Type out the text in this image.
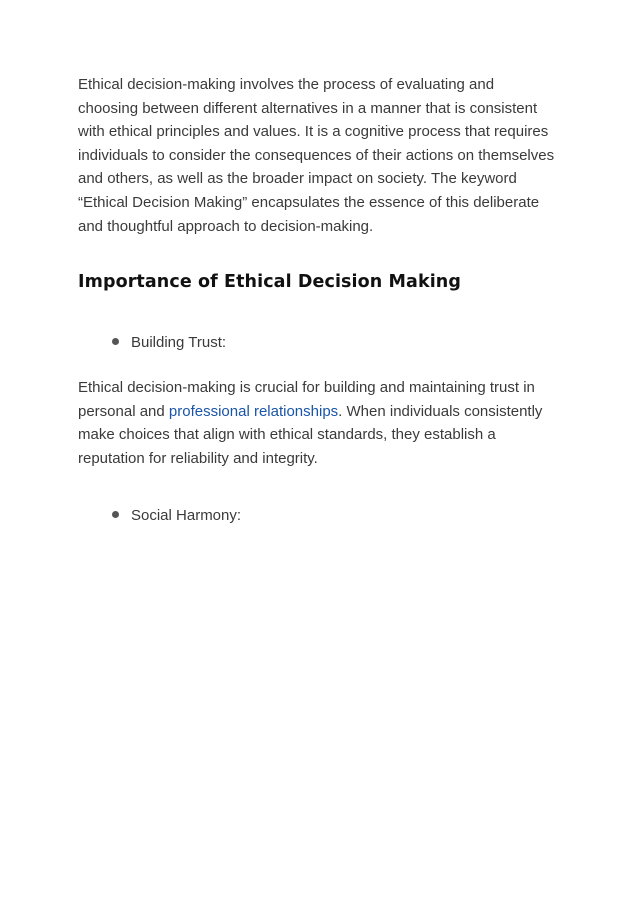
Ethical decision-making involves the process of evaluating and choosing between different alternatives in a manner that is consistent with ethical principles and values. It is a cognitive process that requires individuals to consider the consequences of their actions on themselves and others, as well as the broader impact on society. The keyword “Ethical Decision Making” encapsulates the essence of this deliberate and thoughtful approach to decision-making.

Importance of Ethical Decision Making
Building Trust:

Ethical decision-making is crucial for building and maintaining trust in personal and professional relationships. When individuals consistently make choices that align with ethical standards, they establish a reputation for reliability and integrity.

Social Harmony:
